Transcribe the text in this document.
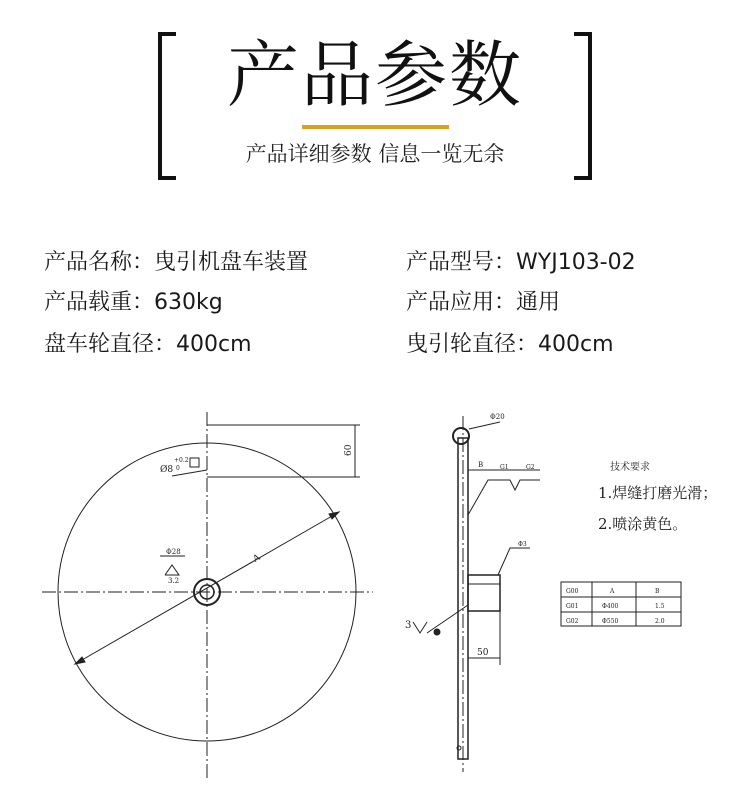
产品参数
产品详细参数 信息一览无余
产品名称：曳引机盘车装置	产品型号：WYJ103-02
产品载重：630kg	产品应用：通用
盘车轮直径：400cm	曳引轮直径：400cm
Ø8
+0.2
0
60
A
Φ28
3.2
Φ20
B	G1	G2
Φ3
3
50
技术要求
1.焊缝打磨光滑；
2.喷涂黄色。
G00	A	B
G01	Φ400	1.5
G02	Φ550	2.0
